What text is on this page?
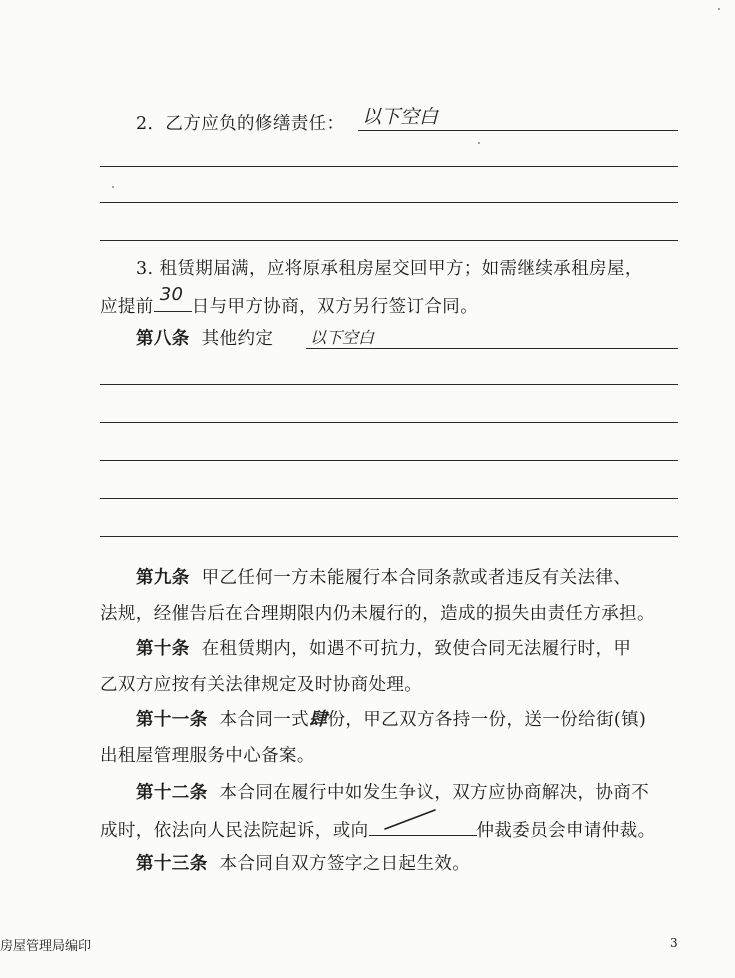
2．乙方应负的修缮责任： 以下空白
3. 租赁期届满，应将原承租房屋交回甲方；如需继续承租房屋，
应提前
30
日与甲方协商，双方另行签订合同。
第八条 其他约定 以下空白
第九条 甲乙任何一方未能履行本合同条款或者违反有关法律、
法规，经催告后在合理期限内仍未履行的，造成的损失由责任方承担。
第十条 在租赁期内，如遇不可抗力，致使合同无法履行时，甲
乙双方应按有关法律规定及时协商处理。
第十一条 本合同一式肆份，甲乙双方各持一份，送一份给街(镇)
出租屋管理服务中心备案。
第十二条 本合同在履行中如发生争议，双方应协商解决，协商不
成时，依法向人民法院起诉，或向	仲裁委员会申请仲裁。
第十三条 本合同自双方签字之日起生效。
房屋管理局编印	3
